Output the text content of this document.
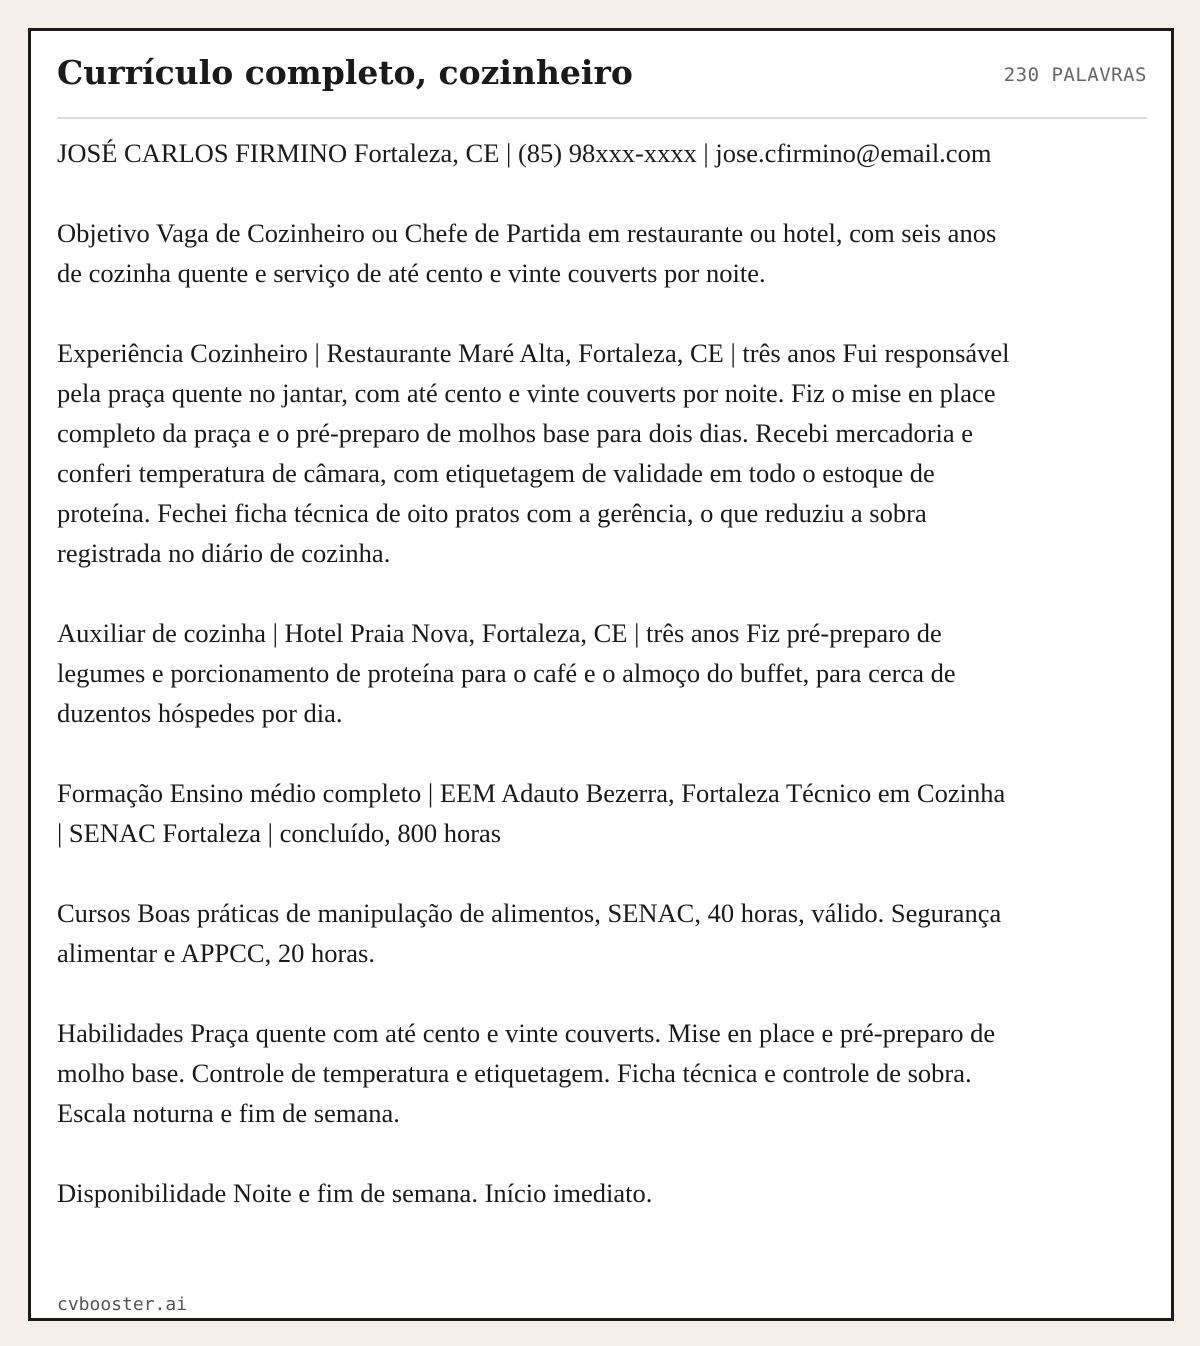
Currículo completo, cozinheiro	230 PALAVRAS

JOSÉ CARLOS FIRMINO Fortaleza, CE | (85) 98xxx-xxxx | jose.cfirmino@email.com

Objetivo Vaga de Cozinheiro ou Chefe de Partida em restaurante ou hotel, com seis anos de cozinha quente e serviço de até cento e vinte couverts por noite.

Experiência Cozinheiro | Restaurante Maré Alta, Fortaleza, CE | três anos Fui responsável pela praça quente no jantar, com até cento e vinte couverts por noite. Fiz o mise en place completo da praça e o pré-preparo de molhos base para dois dias. Recebi mercadoria e conferi temperatura de câmara, com etiquetagem de validade em todo o estoque de proteína. Fechei ficha técnica de oito pratos com a gerência, o que reduziu a sobra registrada no diário de cozinha.

Auxiliar de cozinha | Hotel Praia Nova, Fortaleza, CE | três anos Fiz pré-preparo de legumes e porcionamento de proteína para o café e o almoço do buffet, para cerca de duzentos hóspedes por dia.

Formação Ensino médio completo | EEM Adauto Bezerra, Fortaleza Técnico em Cozinha | SENAC Fortaleza | concluído, 800 horas

Cursos Boas práticas de manipulação de alimentos, SENAC, 40 horas, válido. Segurança alimentar e APPCC, 20 horas.

Habilidades Praça quente com até cento e vinte couverts. Mise en place e pré-preparo de molho base. Controle de temperatura e etiquetagem. Ficha técnica e controle de sobra. Escala noturna e fim de semana.

Disponibilidade Noite e fim de semana. Início imediato.

cvbooster.ai
